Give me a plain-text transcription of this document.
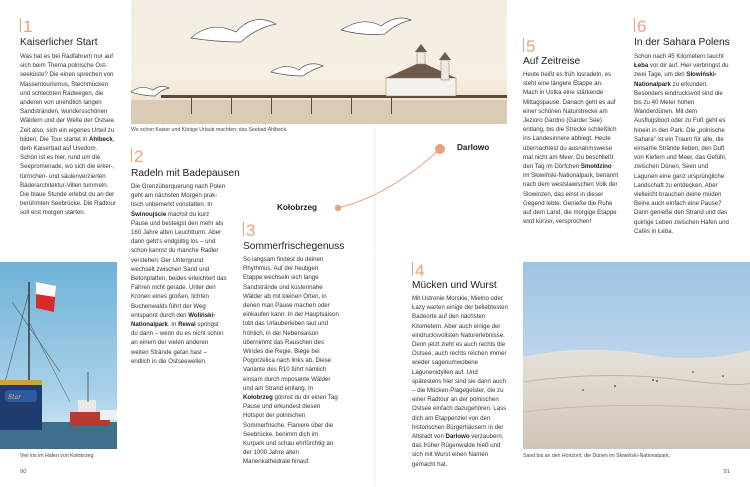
1
Kaiserlicher Start

Was hat es bei Radfahrern nur auf sich beim Thema polnische Ostseeküste? Die einen sprechen von Massentourismus, Stechmücken und schlechten Radwegen, die anderen von unendlich langen Sandstränden, wundersschönen Wäldern und der Weite der Ostsee. Zeit also, sich ein eigenes Urteil zu bilden. Die Tour startet in Ahlbeck, dem Kaiserbad auf Usedom. Schön ist es hier, rund um die Seepromenade, wo sich die erker-, türmchen- und säulenverzierten Bäderarchitektur-Villen tummeln. Die blaue Stunde erlebst du an der berühmten Seebrücke. Die Radtour soll erst morgen starten.

Star
Viel los im Hafen von Kołobrzeg.
90
Wo schon Kaiser und Könige Urlaub machten: das Seebad Ahlbeck.
2
Radeln mit Badepausen

Die Grenzüberquerung nach Polen geht am nächsten Morgen praktisch unbemerkt vonstatten. In Świnoujście machst du kurz Pause und besteigst den mehr als 160 Jahre alten Leuchtturm. Aber dann geht’s endgültig los – und schon kannst du manche Radler verstehen: Der Untergrund wechselt zwischen Sand und Betonplatten, beides erleichtert das Fahren nicht gerade. Unter den Kronen eines großen, lichten Buchenwalds führt der Weg entspannt durch den Woliński-Nationalpark. In Rewal springst du dann – wenn du es nicht schon an einem der vielen anderen weiten Strände getan hast – endlich in die Ostseewellen.

Kołobrzeg
Darlowo
3
Sommerfrischegenuss

So langsam findest du deinen Rhythmus. Auf der heutigen Etappe wechseln sich lange Sandstrände und küstennahe Wälder ab mit kleinen Orten, in denen man Pause machen oder einkaufen kann. In der Hauptsaison tobt das Urlauberleben laut und fröhlich, in der Nebensaison übernimmt das Rauschen des Windes die Regie. Biege bei Pogorzelica nach links ab. Diese Variante des R10 führt nämlich einsam durch imposante Wälder und am Strand entlang. In Kołobrzeg gönnst du dir einen Tag Pause und erkundest diesen Hotspot der polnischen Sommerfrische. Flaniere über die Seebrücke, benimm dich im Kurpark und schau ehrfürchtig an der 1000 Jahre alten Marienkathedrale hinauf.

91
4
Mücken und Wurst

Mit Ustronie Morskie, Mielno oder Łazy warten einige der beliebtesten Badeorte auf den nächsten Kilometern. Aber auch einige der eindrucksvollsten Naturerlebnisse. Denn jetzt zieht es auch rechts die Ostsee, auch rechts reichen immer wieder sagenumwobene Lagunenidyllen auf. Und spätestens hier sind sie dann auch – die Mücken-Plagegeister, die zu einer Radtour an der polnischen Ostsee einfach dazugehören. Lass dich am Etappenziel von den historischen Bürgerhäusern in der Altstadt von Darlowo verzaubern, das früher Rügenwalde hieß und sich mit Wurst einen Namen gemacht hat.

5
Auf Zeitreise

Heute heißt es früh losradeln, es steht eine längere Etappe an. Mach in Ustka eine stärkende Mittagspause. Danach geht es auf einer schönen Naturstrecke am Jezioro Gardno (Garder See) entlang, bis die Strecke schließlich ins Landesinnere abbiegt. Heute übernachtest du ausnahmsweise mal nicht am Meer. Du beschließt den Tag im Dörfchen Smołdzino im Słowiński-Nationalpark, benannt nach dem westslawischen Volk der Slowinzen, das einst in dieser Gegend lebte. Genieße die Ruhe auf dem Land, die morgige Etappe wird kürzer, versprochen!

6
In der Sahara Polens

Schon nach 45 Kilometern taucht Łeba vor dir auf. Hier verbringst du zwei Tage, um den Słowiński-Nationalpark zu erkunden. Besonders eindrucksvoll sind die bis zu 40 Meter hohen Wanderdünen. Mit dem Ausflugsboot oder zu Fuß geht es hinein in den Park. Die „polnische Sahara“ ist ein Traum für alle, die einsame Strände lieben, den Duft von Kiefern und Meer, das Gefühl, zwischen Dünen, Seen und Lagunen eine ganz ursprüngliche Landschaft zu entdecken. Aber vielleicht brauchen deine müden Beine auch einfach eine Pause? Dann genieße den Strand und das quirlige Leben zwischen Hafen und Cafés in Łeba.

Sand bis an den Horizont: die Dünen im Słowiński-Nationalpark.
